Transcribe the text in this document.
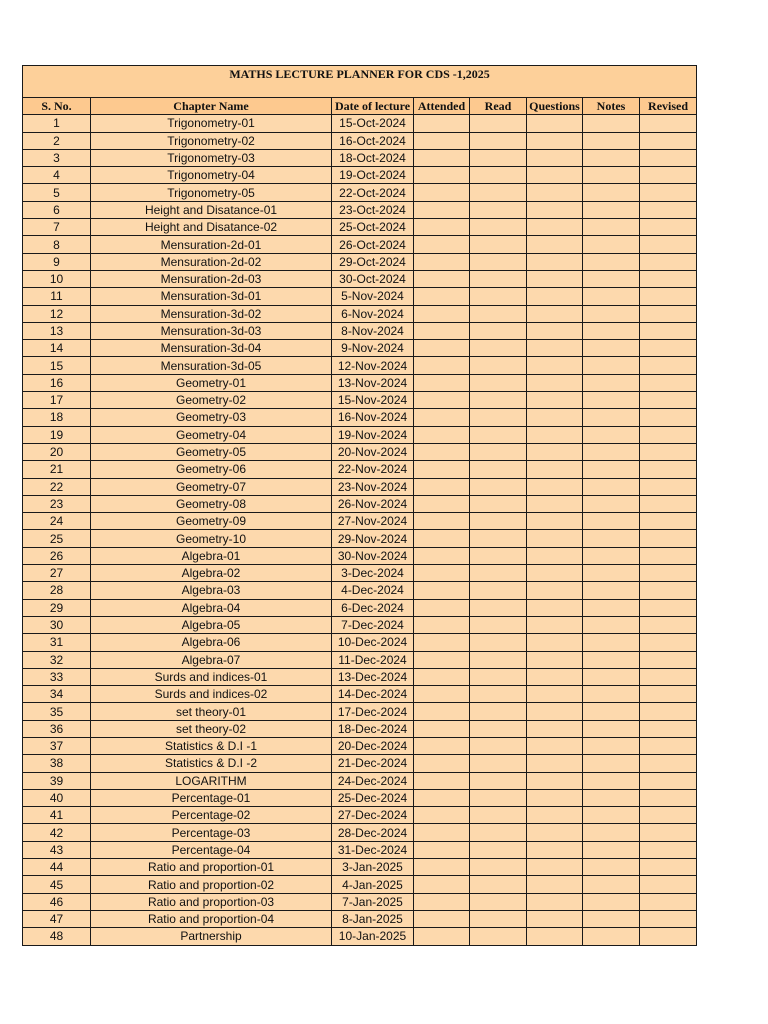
MATHS LECTURE PLANNER FOR CDS -1,2025							
S. No.	Chapter Name	Date of lecture	Attended	Read	Questions	Notes	Revised
1	Trigonometry-01	15-Oct-2024					
2	Trigonometry-02	16-Oct-2024					
3	Trigonometry-03	18-Oct-2024					
4	Trigonometry-04	19-Oct-2024					
5	Trigonometry-05	22-Oct-2024					
6	Height and Disatance-01	23-Oct-2024					
7	Height and Disatance-02	25-Oct-2024					
8	Mensuration-2d-01	26-Oct-2024					
9	Mensuration-2d-02	29-Oct-2024					
10	Mensuration-2d-03	30-Oct-2024					
11	Mensuration-3d-01	5-Nov-2024					
12	Mensuration-3d-02	6-Nov-2024					
13	Mensuration-3d-03	8-Nov-2024					
14	Mensuration-3d-04	9-Nov-2024					
15	Mensuration-3d-05	12-Nov-2024					
16	Geometry-01	13-Nov-2024					
17	Geometry-02	15-Nov-2024					
18	Geometry-03	16-Nov-2024					
19	Geometry-04	19-Nov-2024					
20	Geometry-05	20-Nov-2024					
21	Geometry-06	22-Nov-2024					
22	Geometry-07	23-Nov-2024					
23	Geometry-08	26-Nov-2024					
24	Geometry-09	27-Nov-2024					
25	Geometry-10	29-Nov-2024					
26	Algebra-01	30-Nov-2024					
27	Algebra-02	3-Dec-2024					
28	Algebra-03	4-Dec-2024					
29	Algebra-04	6-Dec-2024					
30	Algebra-05	7-Dec-2024					
31	Algebra-06	10-Dec-2024					
32	Algebra-07	11-Dec-2024					
33	Surds and indices-01	13-Dec-2024					
34	Surds and indices-02	14-Dec-2024					
35	set theory-01	17-Dec-2024					
36	set theory-02	18-Dec-2024					
37	Statistics & D.I -1	20-Dec-2024					
38	Statistics & D.I -2	21-Dec-2024					
39	LOGARITHM	24-Dec-2024					
40	Percentage-01	25-Dec-2024					
41	Percentage-02	27-Dec-2024					
42	Percentage-03	28-Dec-2024					
43	Percentage-04	31-Dec-2024					
44	Ratio and proportion-01	3-Jan-2025					
45	Ratio and proportion-02	4-Jan-2025					
46	Ratio and proportion-03	7-Jan-2025					
47	Ratio and proportion-04	8-Jan-2025					
48	Partnership	10-Jan-2025					
